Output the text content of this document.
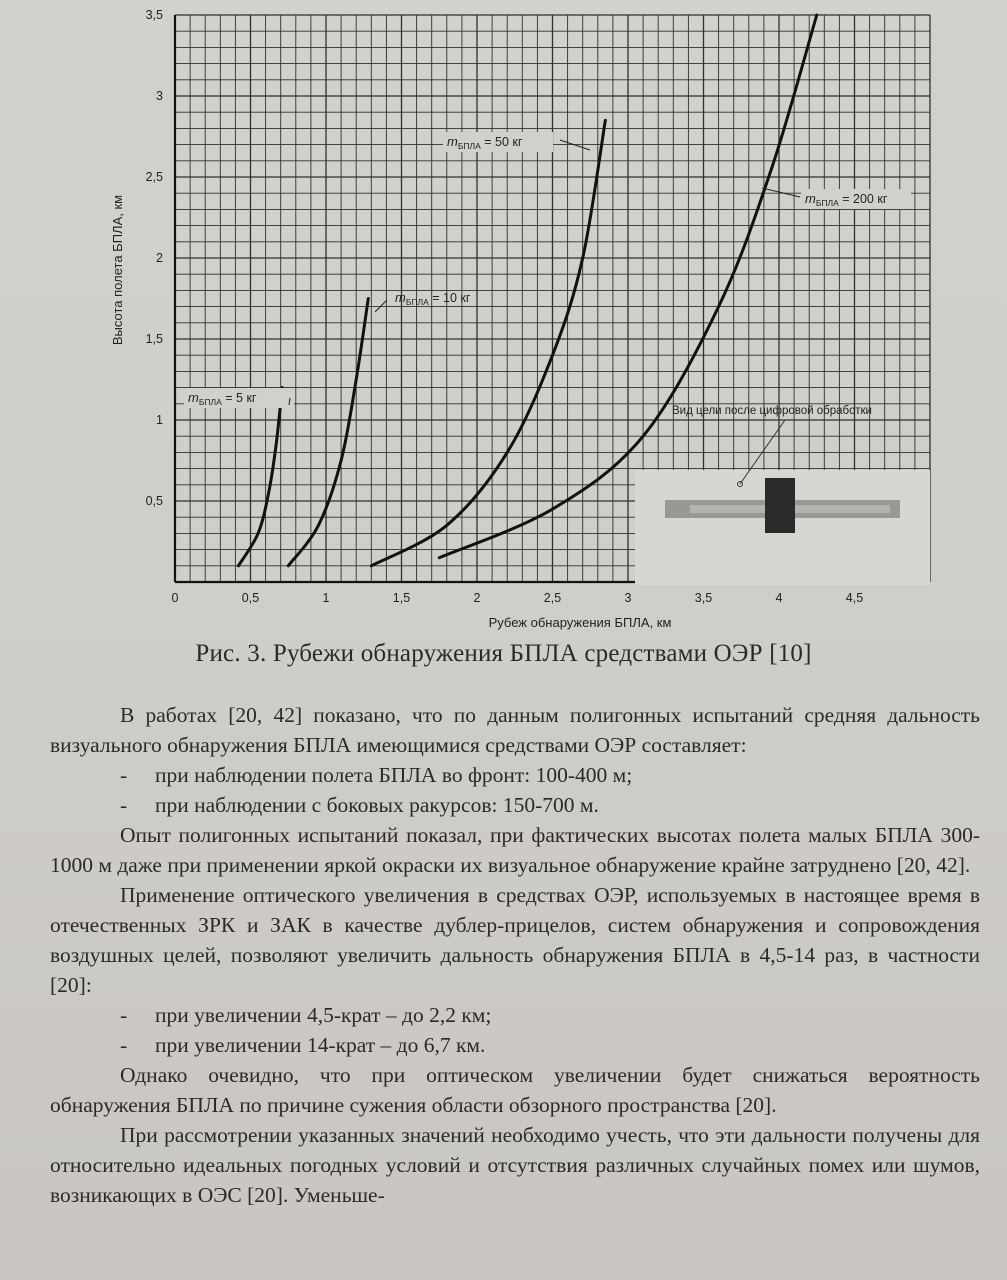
0	0,5	1	1,5	2	2,5	3	3,5	4	4,5
0,5
1
1,5
2
2,5
3
3,5
$m_{БПЛА} = 5$ кг
$m_{БПЛА} = 10$ кг
$m_{БПЛА} = 50$ кг
$m_{БПЛА} = 200$ кг
Рубеж обнаружения БПЛА, км
Высота полета БПЛА, км
Вид цели после цифровой обработки
Рис. 3. Рубежи обнаружения БПЛА средствами ОЭР [10]

В работах [20, 42] показано, что по данным полигонных испытаний средняя дальность визуального обнаружения БПЛА имеющимися средствами ОЭР составляет:

-	при наблюдении полета БПЛА во фронт: 100-400 м;
-	при наблюдении с боковых ракурсов: 150-700 м.

Опыт полигонных испытаний показал, при фактических высотах полета малых БПЛА 300-1000 м даже при применении яркой окраски их визуальное обнаружение крайне затруднено [20, 42].

Применение оптического увеличения в средствах ОЭР, используемых в настоящее время в отечественных ЗРК и ЗАК в качестве дублер-прицелов, систем обнаружения и сопровождения воздушных целей, позволяют увеличить дальность обнаружения БПЛА в 4,5-14 раз, в частности [20]:

-	при увеличении 4,5-крат – до 2,2 км;
-	при увеличении 14-крат – до 6,7 км.

Однако очевидно, что при оптическом увеличении будет снижаться вероятность обнаружения БПЛА по причине сужения области обзорного пространства [20].

При рассмотрении указанных значений необходимо учесть, что эти дальности получены для относительно идеальных погодных условий и отсутствия различных случайных помех или шумов, возникающих в ОЭС [20]. Уменьше-
